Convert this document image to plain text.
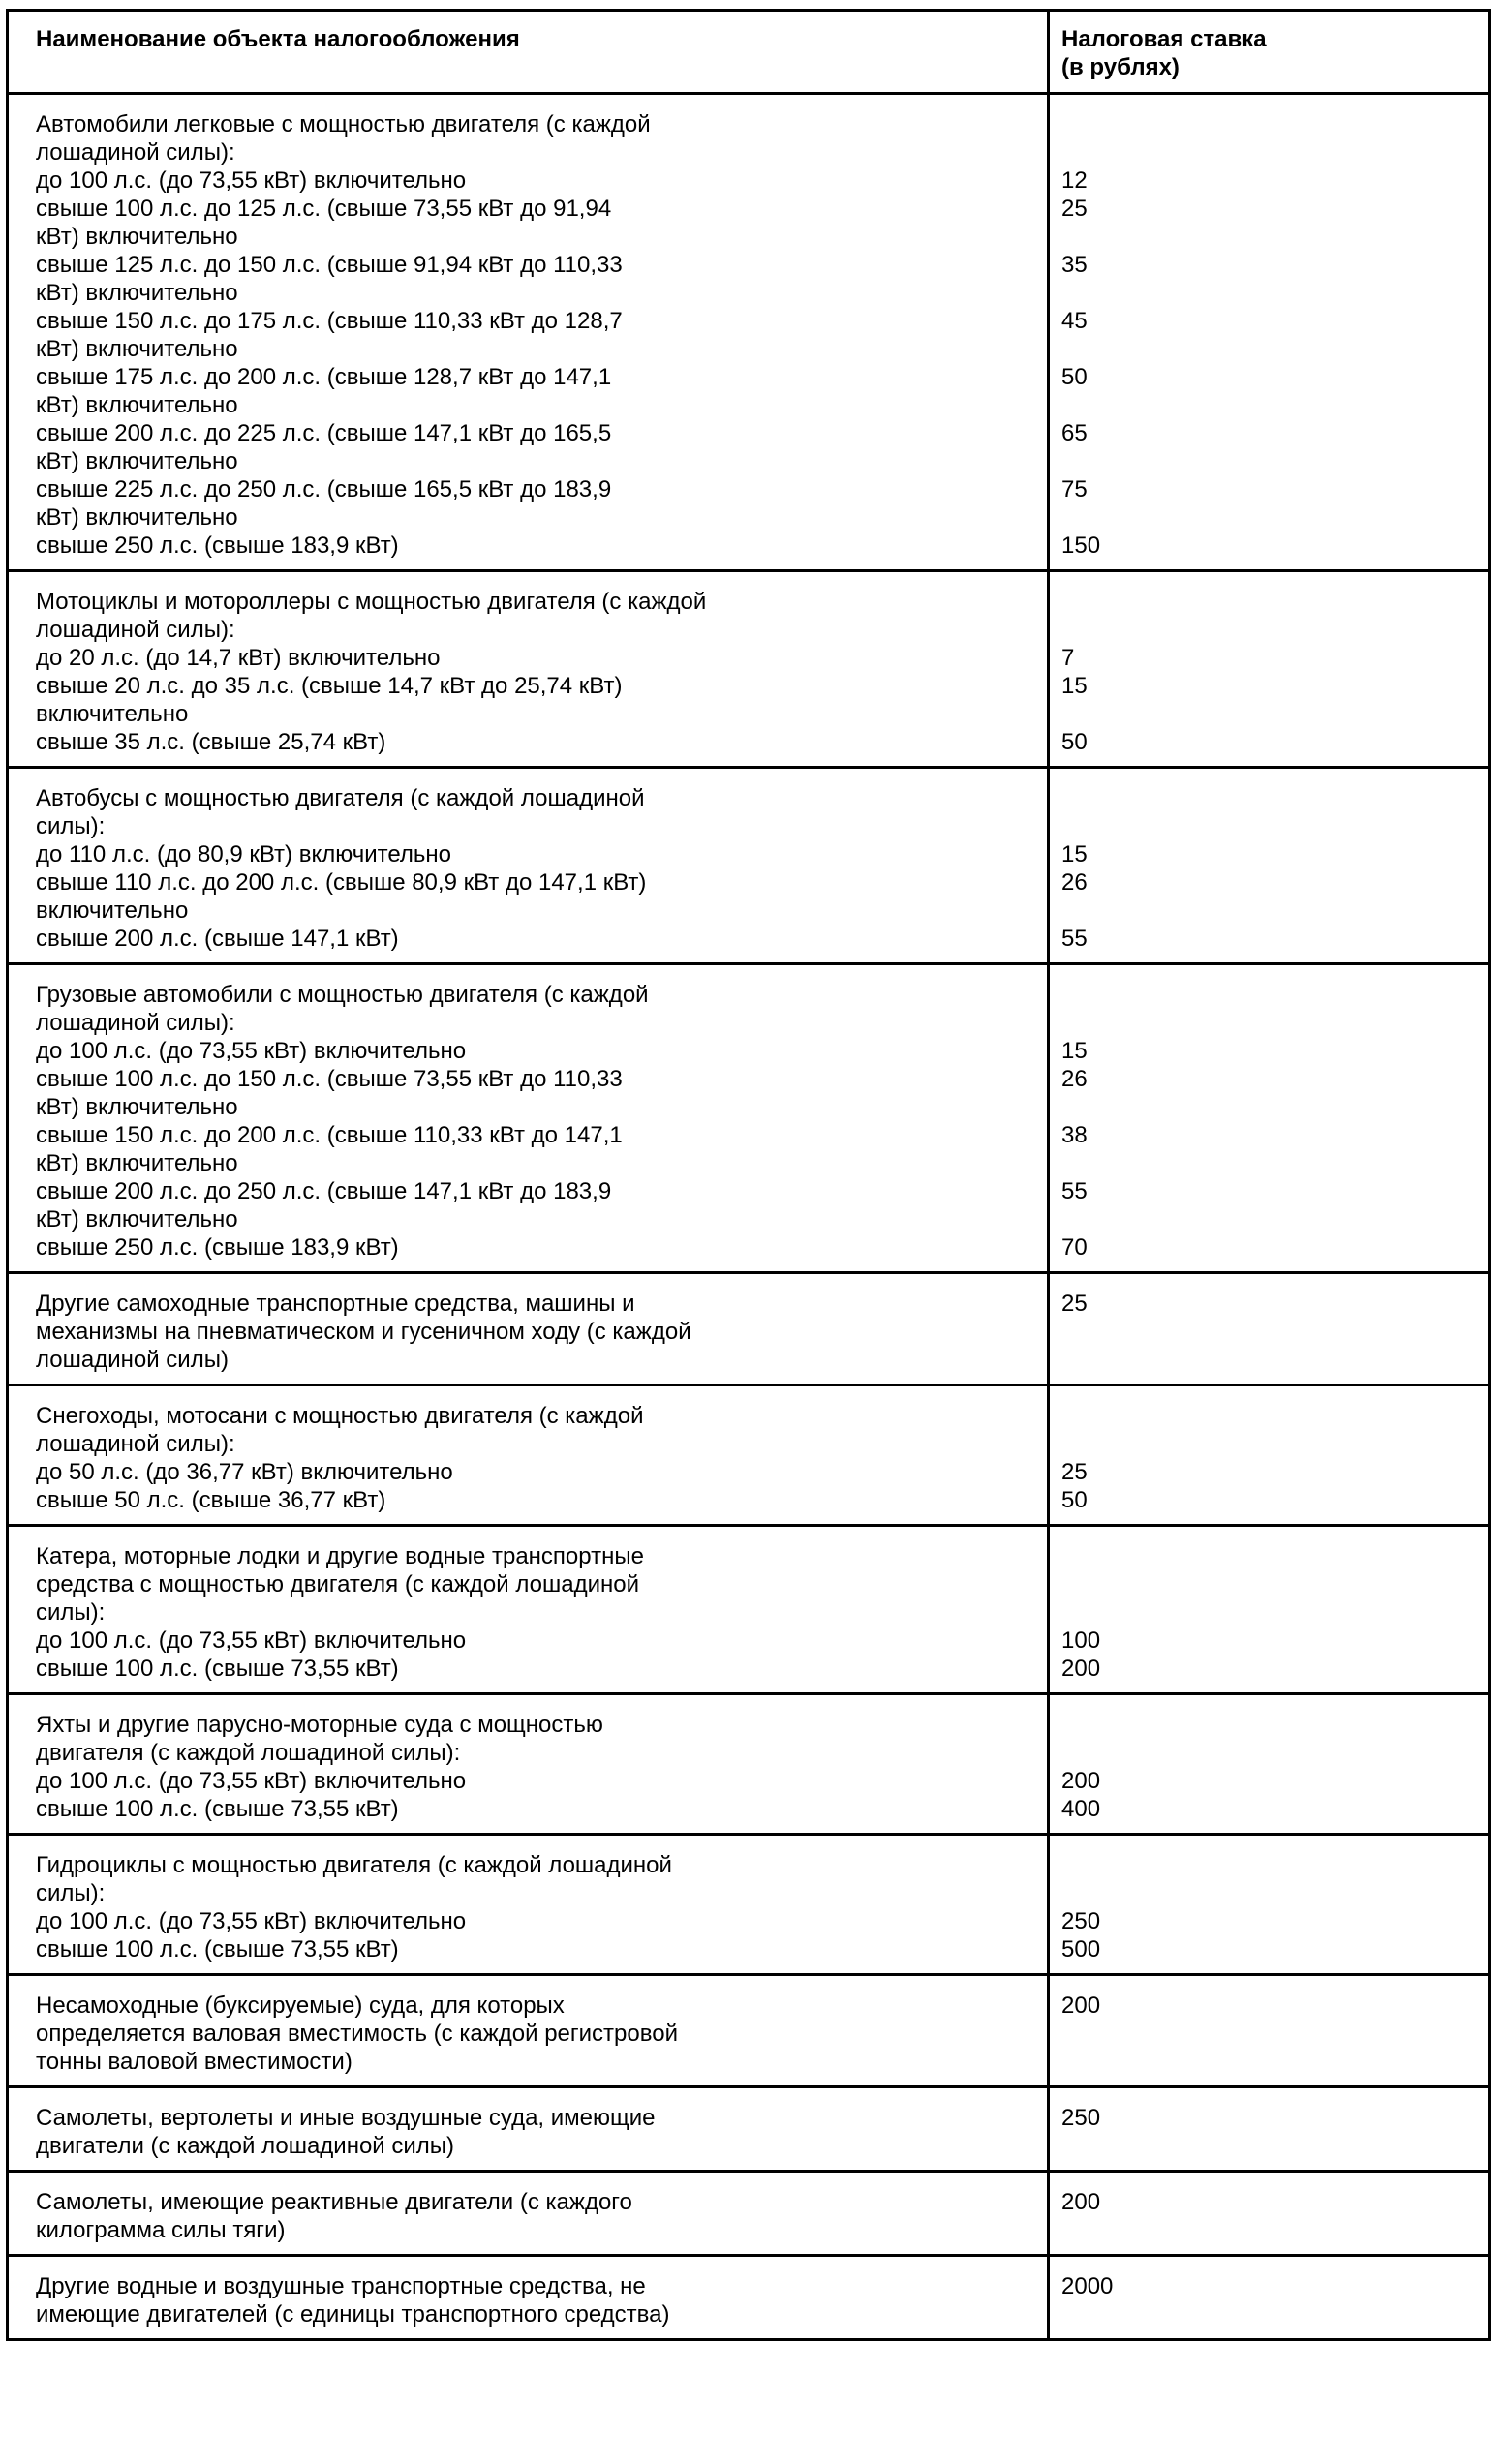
Наименование объекта налогообложения	Налоговая ставка
(в рублях)
Автомобили легковые с мощностью двигателя (с каждой
лошадиной силы):
до 100 л.с. (до 73,55 кВт) включительно
свыше 100 л.с. до 125 л.с. (свыше 73,55 кВт до 91,94
кВт) включительно
свыше 125 л.с. до 150 л.с. (свыше 91,94 кВт до 110,33
кВт) включительно
свыше 150 л.с. до 175 л.с. (свыше 110,33 кВт до 128,7
кВт) включительно
свыше 175 л.с. до 200 л.с. (свыше 128,7 кВт до 147,1
кВт) включительно
свыше 200 л.с. до 225 л.с. (свыше 147,1 кВт до 165,5
кВт) включительно
свыше 225 л.с. до 250 л.с. (свыше 165,5 кВт до 183,9
кВт) включительно
свыше 250 л.с. (свыше 183,9 кВт)
12
25
35
45
50
65
75
150
Мотоциклы и мотороллеры с мощностью двигателя (с каждой
лошадиной силы):
до 20 л.с. (до 14,7 кВт) включительно
свыше 20 л.с. до 35 л.с. (свыше 14,7 кВт до 25,74 кВт)
включительно
свыше 35 л.с. (свыше 25,74 кВт)
7
15
50
Автобусы с мощностью двигателя (с каждой лошадиной
силы):
до 110 л.с. (до 80,9 кВт) включительно
свыше 110 л.с. до 200 л.с. (свыше 80,9 кВт до 147,1 кВт)
включительно
свыше 200 л.с. (свыше 147,1 кВт)
15
26
55
Грузовые автомобили с мощностью двигателя (с каждой
лошадиной силы):
до 100 л.с. (до 73,55 кВт) включительно
свыше 100 л.с. до 150 л.с. (свыше 73,55 кВт до 110,33
кВт) включительно
свыше 150 л.с. до 200 л.с. (свыше 110,33 кВт до 147,1
кВт) включительно
свыше 200 л.с. до 250 л.с. (свыше 147,1 кВт до 183,9
кВт) включительно
свыше 250 л.с. (свыше 183,9 кВт)
15
26
38
55
70
Другие самоходные транспортные средства, машины и
механизмы на пневматическом и гусеничном ходу (с каждой
лошадиной силы)
25
Снегоходы, мотосани с мощностью двигателя (с каждой
лошадиной силы):
до 50 л.с. (до 36,77 кВт) включительно
свыше 50 л.с. (свыше 36,77 кВт)
25
50
Катера, моторные лодки и другие водные транспортные
средства с мощностью двигателя (с каждой лошадиной
силы):
до 100 л.с. (до 73,55 кВт) включительно
свыше 100 л.с. (свыше 73,55 кВт)
100
200
Яхты и другие парусно-моторные суда с мощностью
двигателя (с каждой лошадиной силы):
до 100 л.с. (до 73,55 кВт) включительно
свыше 100 л.с. (свыше 73,55 кВт)
200
400
Гидроциклы с мощностью двигателя (с каждой лошадиной
силы):
до 100 л.с. (до 73,55 кВт) включительно
свыше 100 л.с. (свыше 73,55 кВт)
250
500
Несамоходные (буксируемые) суда, для которых
определяется валовая вместимость (с каждой регистровой
тонны валовой вместимости)
200
Самолеты, вертолеты и иные воздушные суда, имеющие
двигатели (с каждой лошадиной силы)
250
Самолеты, имеющие реактивные двигатели (с каждого
килограмма силы тяги)
200
Другие водные и воздушные транспортные средства, не
имеющие двигателей (с единицы транспортного средства)
2000
